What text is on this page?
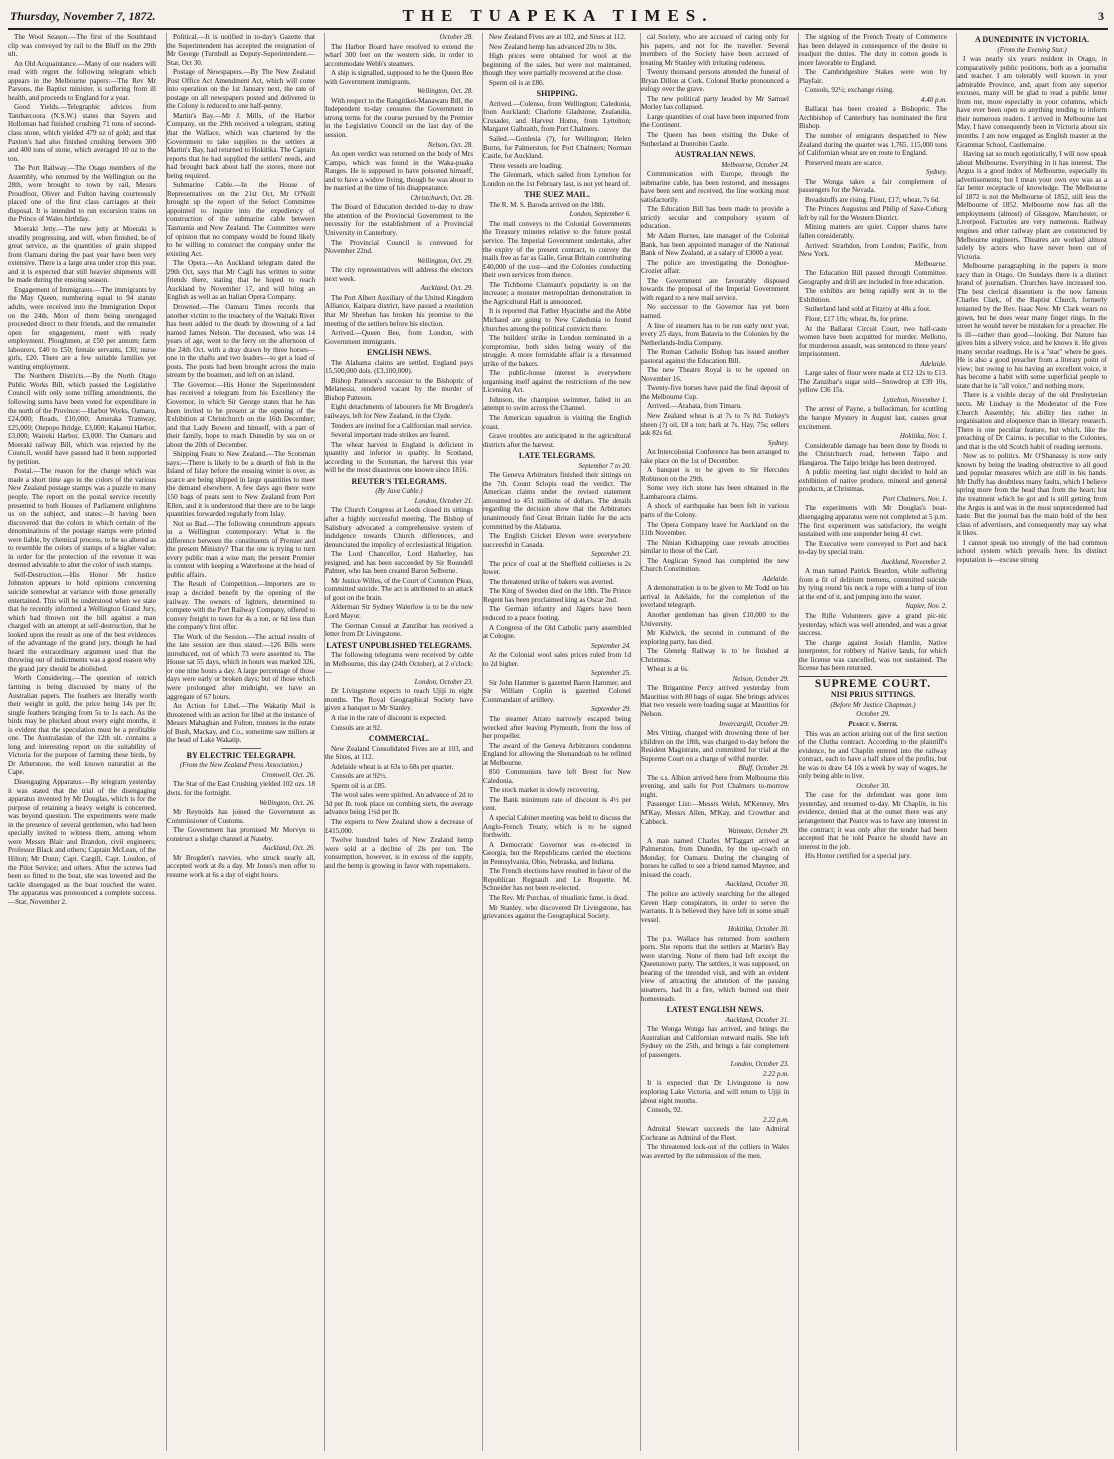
Thursday, November 7, 1872.	THE TUAPEKA TIMES.	3

The Wool Season.—The first of the Southland clip was conveyed by rail to the Bluff on the 29th ult.

An Old Acquaintance.—Many of our readers will read with regret the following telegram which appears in the Melbourne papers:—The Rev Mr Parsons, the Baptist minister, is suffering from ill health, and proceeds to England for a year.

Good Yields.—Telegraphic advices from Tambarcoora (N.S.W.) states that Sayers and Holloman had finished crushing 71 tons of second-class stone, which yielded 479 oz of gold; and that Paxton's had also finished crushing between 300 and 400 tons of stone, which averaged 10 oz to the ton.

The Port Railway.—The Otago members of the Assembly, who returned by the Wellington on the 28th, were brought to town by rail, Messrs Proudfoot, Oliver and Fulton having courteously placed one of the first class carriages at their disposal. It is intended to run excursion trains on the Prince of Wales birthday.

Moeraki Jetty.—The new jetty at Moeraki is steadily progressing, and will, when finished, be of great service, as the quantities of grain shipped from Oamaru during the past year have been very extensive. There is a large area under crop this year, and it is expected that still heavier shipments will be made during the ensuing season.

Engagement of Immigrants.—The immigrants by the May Queen, numbering equal to 94 statute adults, were received into the Immigration Depot on the 24th. Most of them being unengaged proceeded direct to their friends, and the remainder open for engagement, meet with ready employment. Ploughmen, at £50 per annum; farm labourers, £40 to £50; female servants, £30; nurse girls, £20. There are a few suitable families yet wanting employment.

The Northern Districts.—By the North Otago Public Works Bill, which passed the Legislative Council with only some trifling amendments, the following sums have been voted for expenditure in the north of the Province:—Harbor Works, Oamaru, £24,000; Roads, £10,000; Ameraka Tramway, £25,000; Otepopo Bridge, £3,000; Kakanui Harbor, £3,000; Waireki Harbor, £3,000. The Oamaru and Moeraki railway Bill, which was rejected by the Council, would have passed had it been supported by petition.

Postal.—The reason for the change which was made a short time ago in the colors of the various New Zealand postage stamps was a puzzle to many people. The report on the postal service recently presented to both Houses of Parliament enlightens us on the subject, and states:—It having been discovered that the colors in which certain of the denominations of the postage stamps were printed were liable, by chemical process, to be so altered as to resemble the colors of stamps of a higher value; in order for the protection of the revenue it was deemed advisable to alter the color of such stamps.

Self-Destruction.—His Honor Mr Justice Johnston appears to hold opinions concerning suicide somewhat at variance with those generally entertained. This will be understood when we state that he recently informed a Wellington Grand Jury, which had thrown out the bill against a man charged with an attempt at self-destruction, that he looked upon the result as one of the best evidences of the advantage of the grand jury, though he had heard the extraordinary argument used that the throwing out of indictments was a good reason why the grand jury should be abolished.

Worth Considering.—The question of ostrich farming is being discussed by many of the Australian papers. The feathers are literally worth their weight in gold, the price being 14s per lb; single feathers bringing from 5s to 1s each. As the birds may be plucked about every eight months, it is evident that the speculation must be a profitable one. The Australasian of the 12th ult. contains a long and interesting report on the suitability of Victoria for the purpose of farming these birds, by Dr Atherstone, the well known naturalist at the Cape.

Disengaging Apparatus.—By telegram yesterday it was stated that the trial of the disengaging apparatus invented by Mr Douglas, which is for the purpose of retaining a heavy weight is concerned, was beyond question. The experiments were made in the presence of several gentlemen, who had been specially invited to witness them, among whom were Messrs Blair and Brandon, civil engineers; Professor Black and others; Captain McLean, of the Hilton; Mr Dunn; Capt. Cargill, Capt. Loudon, of the Pilot Service; and others. After the screws had been so fitted to the boat, she was lowered and the tackle disengaged as the boat touched the water. The apparatus was pronounced a complete success.—Star, November 2.

Political.—It is notified in to-day's Gazette that the Superintendent has accepted the resignation of Mr George (Turnbull as Deputy-Superintendent.—Star, Oct 30.

Postage of Newspapers.—By The New Zealand Post Office Act Amendment Act, which will come into operation on the 1st January next, the rate of postage on all newspapers posted and delivered in the Colony is reduced to one half-penny.

Martin's Bay.—Mr J. Mills, of the Harbor Company, on the 29th received a telegram, stating that the Wallace, which was chartered by the Government to take supplies to the settlers at Martin's Bay, had returned to Hokitika. The Captain reports that he had supplied the settlers' needs, and had brought back about half the stores, more not being required.

Submarine Cable.—In the House of Representatives on the 21st Oct, Mr O'Neill brought up the report of the Select Committee appointed to inquire into the expediency of construction of the submarine cable between Tasmania and New Zealand. The Committee were of opinion that no company would be found likely to be willing to construct the company under the existing Act.

The Opera.—An Auckland telegram dated the 29th Oct, says that Mr Cagli has written to some friends there, stating that he hoped to reach Auckland by November 17, and will bring an English as well as an Italian Opera Company.

Drowned.—The Oamaru Times records that another victim to the treachery of the Waitaki River has been added to the death by drowning of a lad named James Nelson. The deceased, who was 14 years of age, went to the ferry on the afternoon of the 24th Oct. with a dray drawn by three horses—one in the shafts and two leaders—to get a load of posts. The posts had been brought across the main stream by the boatmen, and left on an island.

The Governor.—His Honor the Superintendent has received a telegram from his Excellency the Governor, in which Sir George states that he has been invited to be present at the opening of the Exhibition at Christchurch on the 16th December; and that Lady Bowen and himself, with a part of their family, hope to reach Dunedin by sea on or about the 20th of December.

Shipping Feats to New Zealand.—The Scotsman says:—There is likely to be a dearth of fish in the Island of Islay before the ensuing winter is over, as scarce are being shipped in large quantities to meet the demand elsewhere. A few days ago there were 150 bags of peats sent to New Zealand from Port Ellen, and it is understood that there are to be large quantities forwarded regularly from Islay.

Not so Bad.—The following conundrum appears in a Wellington contemporary: What is the difference between the constituents of Premier and the present Ministry? That the one is trying to turn every public man a wise man; the present Premier is content with keeping a Waterhouse at the head of public affairs.

The Result of Competition.—Importers are to reap a decided benefit by the opening of the railway. The owners of lighters, determined to compete with the Port Railway Company, offered to convey freight to town for 4s a ton, or 6d less than the company's first offer.

The Work of the Session.—The actual results of the late session are thus stated:—126 Bills were introduced, out of which 73 were assented to. The House sat 55 days, which in hours was marked 326, or one nine hours a day. A large percentage of those days were early or broken days; but of those which were prolonged after midnight, we have an aggregate of 67 hours.

An Action for Libel.—The Wakatip Mail is threatened with an action for libel at the instance of Messrs Mahaghan and Fulton, trustees in the estate of Bush, Mackay, and Co., sometime saw millers at the head of Lake Wakatip.

BY ELECTRIC TELEGRAPH.
(From the New Zealand Press Association.)
Cromwell, Oct. 26.

The Star of the East Crushing yielded 102 ozs. 18 dwts. for the fortnight.

Wellington, Oct. 26.

Mr Reynolds has joined the Government as Commissioner of Customs.

The Government has promised Mr Morvyn to construct a sludge channel at Naseby.

Auckland, Oct. 26.

Mr Brogden's navvies, who struck nearly all, accepted work at 8s a day. Mr Jones's men offer to resume work at 6s a day of eight hours.

October 28.

The Harbor Board have resolved to extend the wharf 300 feet on the western side, in order to accommodate Webb's steamers.

A ship is signalled, supposed to be the Queen Bee with Government immigrants.

Wellington, Oct. 28.

With respect to the Rangitikei-Manawatu Bill, the Independent to-day censures the Government in strong terms for the course pursued by the Premier in the Legislative Council on the last day of the session.

Nelson, Oct. 28.

An open verdict was returned on the body of Mrs Campo, which was found in the Waka-puaka Ranges. He is supposed to have poisoned himself, and to have a widow living, though he was about to be married at the time of his disappearance.

Christchurch, Oct. 28.

The Board of Education decided to-day to draw the attention of the Provincial Government to the necessity for the establishment of a Provincial University in Canterbury.

The Provincial Council is convened for November 22nd.

Wellington, Oct. 29.

The city representatives will address the electors next week.

Auckland, Oct. 29.

The Port Albert Auxiliary of the United Kingdom Alliance, Kaipara district, have passed a resolution that Mr Sheehan has broken his promise to the meeting of the settlers before his election.

Arrived.—Queen Bee, from London, with Government immigrants.

ENGLISH NEWS.

The Alabama claims are settled. England pays 15,500,000 dols. (£3,100,000).

Bishop Patteson's successor to the Bishopric of Melanesia, rendered vacant by the murder of Bishop Patteson.

Eight detachments of labourers for Mr Brogden's railways, left for New Zealand, in the Clyde.

Tenders are invited for a Californian mail service.

Several important trade strikes are feared.

The wheat harvest in England is deficient in quantity and inferior in quality. In Scotland, according to the Scotsman, the harvest this year will be the most disastrous one known since 1816.

REUTER'S TELEGRAMS.
(By Java Cable.)
London, October 21.

The Church Congress at Leeds closed its sittings after a highly successful meeting. The Bishop of Salisbury advocated a comprehensive system of indulgence towards Church differences, and denunciated the impolicy of ecclesiastical litigation.

The Lord Chancellor, Lord Hatherley, has resigned, and has been succeeded by Sir Roundell Palmer, who has been created Baron Selborne.

Mr Justice Willes, of the Court of Common Pleas, committed suicide. The act is attributed to an attack of gout on the brain.

Alderman Sir Sydney Waterlow is to be the new Lord Mayor.

The German Consul at Zanzibar has received a letter from Dr Livingstone.

LATEST UNPUBLISHED TELEGRAMS.

The following telegrams were received by cable in Melbourne, this day (24th October), at 2 o'clock:—

London, October 23.

Dr Livingstone expects to reach Ujiji in eight months. The Royal Geographical Society have given a banquet to Mr Stanley.

A rise in the rate of discount is expected.

Consols are at 92.

COMMERCIAL.

New Zealand Consolidated Fives are at 103, and the Sixes, at 112.

Adelaide wheat is at 63s to 68s per quarter.

Consols are at 92½.

Sperm oil is at £85.

The wool sales were spirited. An advance of 2d to 3d per lb. took place on combing sorts, the average advance being 1½d per lb.

The exports to New Zealand show a decrease of £415,000.

Twelve hundred bales of New Zealand hemp were sold at a decline of 2ls per ton. The consumption, however, is in excess of the supply, and the hemp is growing in favor with ropemakers.

New Zealand Fives are at 102, and Sixes at 112.

New Zealand hemp has advanced 20s to 30s.

High prices were obtained for wool at the beginning of the sales, but were not maintained, though they were partially recovered at the close.

Sperm oil is at £86.

SHIPPING.

Arrived.—Colenso, from Wellington; Caledonia, from Auckland; Charlotte Gladstone, Zealandia, Crusader, and Harvest Home, from Lyttelton; Margaret Galbraith, from Port Chalmers.

Sailed.—Gonlesia (?), for Wellington; Helen Burns, for Palmerston, for Port Chalmers; Norman Castle, for Auckland.

Three vessels are loading.

The Glenmark, which sailed from Lyttelton for London on the 1st February last, is not yet heard of.

THE SUEZ MAIL.

The R. M. S. Baroda arrived on the 18th.

London, September 6.

The mail conveys to the Colonial Governments the Treasury minutes relative to the future postal service. The Imperial Government undertake, after the expiry of the present contract, to convey the mails free as far as Galle, Great Britain contributing £40,000 of the cost—and the Colonies conducting their own services from thence.

The Tichborne Claimant's popularity is on the increase; a monster metropolitan demonstration in the Agricultural Hall is announced.

It is reported that Father Hyacinthe and the Abbé Michaud are going to New Caledonia to found churches among the political convicts there.

The builders' strike in London terminated in a compromise, both sides being weary of the struggle. A more formidable affair is a threatened strike of the bakers.

The public-house interest is everywhere organising itself against the restrictions of the new Licensing Act.

Johnson, the champion swimmer, failed in an attempt to swim across the Channel.

The American squadron is visiting the English coast.

Grave troubles are anticipated in the agricultural districts after the harvest.

LATE TELEGRAMS.
September 7 to 20.

The Geneva Arbitrators finished their sittings on the 7th. Count Sclopis read the verdict. The American claims under the revised statement amounted to 451 millions of dollars. The details regarding the decision show that the Arbitrators unanimously find Great Britain liable for the acts committed by the Alabama.

The English Cricket Eleven were everywhere successful in Canada.

September 23.

The price of coal at the Sheffield collieries is 2s lower.

The threatened strike of bakers was averted.

The King of Sweden died on the 18th. The Prince Regent has been proclaimed king as Oscar 2nd.

The German infantry and Jägers have been reduced to a peace footing.

A Congress of the Old Catholic party assembled at Cologne.

September 24.

At the Colonial wool sales prices ruled from 1d to 2d higher.

September 25.

Sir John Hammer is gazetted Baron Hammer, and Sir William Coplin is gazetted Colonel Commandant of artillery.

September 29.

The steamer Atrato narrowly escaped being wrecked after leaving Plymouth, from the loss of her propeller.

The award of the Geneva Arbitrators condemns England for allowing the Shenandoah to be refitted at Melbourne.

850 Communists have left Brest for New Caledonia.

The stock market is slowly recovering.

The Bank minimum rate of discount is 4½ per cent.

A special Cabinet meeting was held to discuss the Anglo-French Treaty, which is to be signed forthwith.

A Democratic Governor was re-elected in Georgia, but the Republicans carried the elections in Pennsylvania, Ohio, Nebraska, and Indiana.

The French elections have resulted in favor of the Republican Regnault and Le Roquette. M. Schneider has not been re-elected.

The Rev. Mr Purchas, of ritualistic fame, is dead.

Mr Stanley, who discovered Dr Livingstone, has grievances against the Geographical Society.

cal Society, who are accused of caring only for his papers, and not for the traveller. Several members of the Society have been accused of treating Mr Stanley with irritating rudeness.

Twenty thousand persons attended the funeral of Bryan Dillon at Cork. Colonel Burke pronounced a eulogy over the grave.

The new political party headed by Mr Samuel Morley has collapsed.

Large quantities of coal have been imported from the Continent.

The Queen has been visiting the Duke of Sutherland at Dunrobin Castle.

AUSTRALIAN NEWS.
Melbourne, October 24.

Communication with Europe, through the submarine cable, has been restored, and messages have been sent and received, the line working most satisfactorily.

The Education Bill has been made to provide a strictly secular and compulsory system of education.

Mr Adam Burnes, late manager of the Colonial Bank, has been appointed manager of the National Bank of New Zealand, at a salary of £3000 a year.

The police are investigating the Donoghue-Crozier affair.

The Government are favourably disposed towards the proposal of the Imperial Government with regard to a new mail service.

No successor to the Governor has yet been named.

A line of steamers has to be run early next year, every 25 days, from Batavia to the Colonies by the Netherlands-India Company.

The Roman Catholic Bishop has issued another pastoral against the Education Bill.

The new Theatre Royal is to be opened on November 16.

Twenty-five horses have paid the final deposit of the Melbourne Cup.

Arrived.—Arahata, from Timaru.

New Zealand wheat is at 7s to 7s 8d. Turkey's sheen (?) oil, £8 a ton; bark at 7s. Hay, 75s; sellers ask 82s 6d.

Sydney.

An Intercolonial Conference has been arranged to take place on the 1st of December.

A banquet is to be given to Sir Hercules Robinson on the 29th.

Some very rich stone has been obtained in the Lambaroora claims.

A shock of earthquake has been felt in various parts of the Colony.

The Opera Company leave for Auckland on the 11th November.

The Ninian Kidnapping case reveals atrocities similar to those of the Carl.

The Anglican Synod has completed the new Church Constitution.

Adelaide.

A demonstration is to be given to Mr Todd on his arrival in Adelaide, for the completion of the overland telegraph.

Another gentleman has given £10,000 to the University.

Mr Kidwick, the second in command of the exploring party, has died.

The Glenelg Railway is to be finished at Christmas.

Wheat is at 6s.

Nelson, October 29.

The Brigantine Percy arrived yesterday from Mauritius with 80 bags of sugar. She brings advices that two vessels were loading sugar at Mauritius for Nelson.

Invercargill, October 29.

Mrs Vitting, charged with drowning three of her children on the 18th, was charged to-day before the Resident Magistrate, and committed for trial at the Supreme Court on a charge of wilful murder.

Bluff, October 29.

The s.s. Albion arrived here from Melbourne this evening, and sails for Port Chalmers to-morrow night.

Passenger List:—Messrs Welsh, M'Kenney, Mrs M'Kay, Messrs Allen, M'Kay, and Crowther and Cabbeck.

Waimate, October 29.

A man named Charles M'Taggart arrived at Palmerston, from Dunedin, by the up-coach on Monday, for Oamaru. During the changing of horses he called to see a friend named Maynee, and missed the coach.

Auckland, October 30.

The police are actively searching for the alleged Green Harp conspirators, in order to serve the warrants. It is believed they have left in some small vessel.

Hokitika, October 30.

The p.s. Wallace has returned from southern ports. She reports that the settlers at Martin's Bay were starving. None of them had left except the Queenstown party. The settlers, it was supposed, on hearing of the intended visit, and with an evident view of attracting the attention of the passing steamers, had lit a fire, which burned out their homesteads.

LATEST ENGLISH NEWS.
Auckland, October 31.

The Wonga Wonga has arrived, and brings the Australian and Californian outward mails. She left Sydney on the 25th, and brings a fair complement of passengers.

London, October 23.
2.22 p.m.

It is expected that Dr Livingstone is now exploring Lake Victoria, and will return to Ujiji in about eight months.

Consols, 92.

2.22 p.m.

Admiral Stewart succeeds the late Admiral Cochrane as Admiral of the Fleet.

The threatened lock-out of the colliers in Wales was averted by the submission of the men.

The signing of the French Treaty of Commerce has been delayed in consequence of the desire to readjust the duties. The duty in cotton goods is more favorable to England.

The Cambridgeshire Stakes were won by Playfair.

Consols, 92½; exchange rising.

4.40 p.m.

Ballarat has been created a Bishopric. The Archbishop of Canterbury has nominated the first Bishop.

The number of emigrants despatched to New Zealand during the quarter was 1,765. 115,000 tons of Californian wheat are en route to England.

Preserved meats are scarce.

Sydney.

The Wonga takes a fair complement of passengers for the Nevada.

Breadstuffs are rising. Flour, £17; wheat, 7s 6d.

The Princes Augustus and Philip of Saxe-Coburg left by rail for the Western District.

Mining matters are quiet. Copper shares have fallen considerably.

Arrived: Strathdon, from London; Pacific, from New York.

Melbourne.

The Education Bill passed through Committee. Geography and drill are included in free education.

The exhibits are being rapidly sent in to the Exhibition.

Sutherland land sold at Fitzroy at 48s a foot.

Flour, £17 10s; wheat, 8s, for prime.

At the Ballarat Circuit Court, two half-caste women have been acquitted for murder. Mellotto, for murderous assault, was sentenced to three years' imprisonment.

Adelaide.

Large sales of flour were made at £12 12s to £13. The Zanzibar's sugar sold—Snowdrop at £39 10s, yellow £36 15s.

Lyttelton, November 1.

The arrest of Payne, a bullockman, for scuttling the barque Mystery in August last, causes great excitement.

Hokitika, Nov. 1.

Considerable damage has been done by floods to the Christchurch road, between Taipo and Hangaroa. The Taipo bridge has been destroyed.

A public meeting last night decided to hold an exhibition of native produce, mineral and general products, at Christmas.

Port Chalmers, Nov. 1.

The experiments with Mr Douglas's boat-disengaging apparatus were not completed at 5 p.m. The first experiment was satisfactory, the weight sustained with one suspender being 41 cwt.

The Executive were conveyed to Port and back to-day by special train.

Auckland, November 2.

A man named Patrick Beardon, while suffering from a fit of delirium tremens, committed suicide by tying round his neck a rope with a lump of iron at the end of it, and jumping into the water.

Napier, Nov. 2.

The Rifle Volunteers gave a grand pic-nic yesterday, which was well attended, and was a great success.

The charge against Josiah Hamlin, Native interpreter, for robbery of Native lands, for which the license was cancelled, was not sustained. The license has been returned.

SUPREME COURT.
NISI PRIUS SITTINGS.
(Before Mr Justice Chapman.)
October 29.
Pearce v. Smyth.

This was an action arising out of the first section of the Clutha contract. According to the plaintiff's evidence, he and Chaplin entered into the railway contract, each to have a half share of the profits, but he was to draw £4 10s a week by way of wages, he only being able to live.

October 30.

The case for the defendant was gone into yesterday, and resumed to-day. Mr Chaplin, in his evidence, denied that at the outset there was any arrangement that Pearce was to have any interest in the contract; it was only after the tender had been accepted that he told Pearce he should have an interest in the job.

His Honor certified for a special jury.

A DUNEDINITE IN VICTORIA.
(From the Evening Star.)

I was nearly six years resident in Otago, in comparatively public positions, both as a journalist and teacher. I am tolerably well known in your admirable Province, and, apart from any superior excuses, many will be glad to read a public letter from me, more especially in your columns, which have ever been open to anything tending to inform their numerous readers. I arrived in Melbourne last May. I have consequently been in Victoria about six months. I am now engaged as English master at the Grammar School, Castlemaine.

Having sat so much egotistically, I will now speak about Melbourne. Everything in it has interest. The Argus is a good index of Melbourne, especially its advertisements; but I mean your own eye was as a far better receptacle of knowledge. The Melbourne of 1872 is not the Melbourne of 1852, still less the Melbourne of 1852. Melbourne now has all the employments (almost) of Glasgow, Manchester, or Liverpool. Factories are very numerous. Railway engines and other railway plant are constructed by Melbourne engineers. Theatres are worked almost solely by actors who have never been out of Victoria.

Melbourne paragraphing in the papers is more racy than in Otago. On Sundays there is a distinct brand of journalism. Churches have increased too. The best clerical dissentient is the now famous Charles Clark, of the Baptist Church, formerly tenanted by the Rev. Isaac New. Mr Clark wears no gown, but he does wear many finger rings. In the street he would never be mistaken for a preacher. He is ill—rather than good—looking. But Nature has given him a silvery voice, and he knows it. He gives many secular readings. He is a "star" where he goes. He is also a good preacher from a literary point of view; but owing to his having an excellent voice, it has become a habit with some superficial people to state that he is "all voice," and nothing more.

There is a visible decay of the old Presbyterian sects. Mr Lindsay is the Moderator of the Free Church Assembly; his ability lies rather in organisation and eloquence than in literary research. There is one peculiar feature, but which, like the preaching of Dr Cairns, is peculiar to the Colonies, and that is the old Scotch habit of reading sermons.

Now as to politics. Mr O'Shanassy is now only known by being the leading obstructive to all good and popular measures which are still in his hands. Mr Duffy has doubtless many faults, which I believe spring more from the head than from the heart; but the treatment which he got and is still getting from the Argus is and was in the most unprecedented bad taste. But the journal has the main hold of the best class of advertisers, and consequently may say what it likes.

I cannot speak too strongly of the bad common school system which prevails here. Its distinct reputation is—excuse strong
